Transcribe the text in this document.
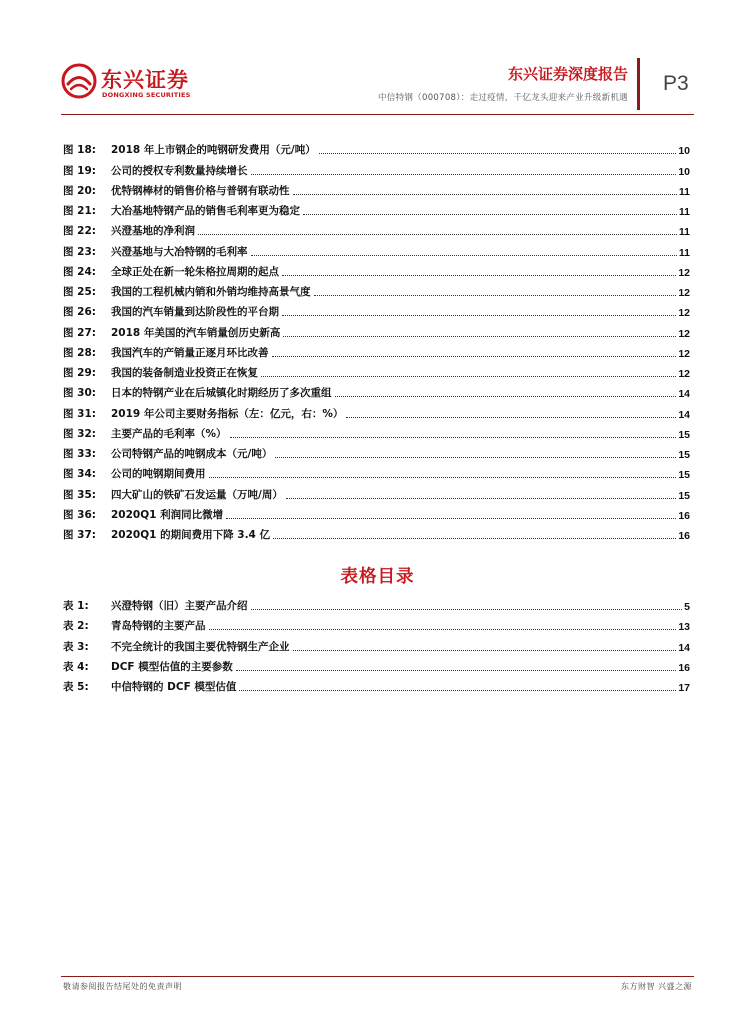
东兴证券
DONGXING SECURITIES
东兴证券深度报告
中信特钢（000708）：走过疫情，千亿龙头迎来产业升级新机遇
P3
图 18:	2018 年上市钢企的吨钢研发费用（元/吨）	10
图 19:	公司的授权专利数量持续增长	10
图 20:	优特钢棒材的销售价格与普钢有联动性	11
图 21:	大冶基地特钢产品的销售毛利率更为稳定	11
图 22:	兴澄基地的净利润	11
图 23:	兴澄基地与大冶特钢的毛利率	11
图 24:	全球正处在新一轮朱格拉周期的起点	12
图 25:	我国的工程机械内销和外销均维持高景气度	12
图 26:	我国的汽车销量到达阶段性的平台期	12
图 27:	2018 年美国的汽车销量创历史新高	12
图 28:	我国汽车的产销量正逐月环比改善	12
图 29:	我国的装备制造业投资正在恢复	12
图 30:	日本的特钢产业在后城镇化时期经历了多次重组	14
图 31:	2019 年公司主要财务指标（左：亿元，右：%）	14
图 32:	主要产品的毛利率（%）	15
图 33:	公司特钢产品的吨钢成本（元/吨）	15
图 34:	公司的吨钢期间费用	15
图 35:	四大矿山的铁矿石发运量（万吨/周）	15
图 36:	2020Q1 利润同比微增	16
图 37:	2020Q1 的期间费用下降 3.4 亿	16
表格目录
表 1:	兴澄特钢（旧）主要产品介绍	5
表 2:	青岛特钢的主要产品	13
表 3:	不完全统计的我国主要优特钢生产企业	14
表 4:	DCF 模型估值的主要参数	16
表 5:	中信特钢的 DCF 模型估值	17
敬请参阅报告结尾处的免责声明	东方财智 兴盛之源
